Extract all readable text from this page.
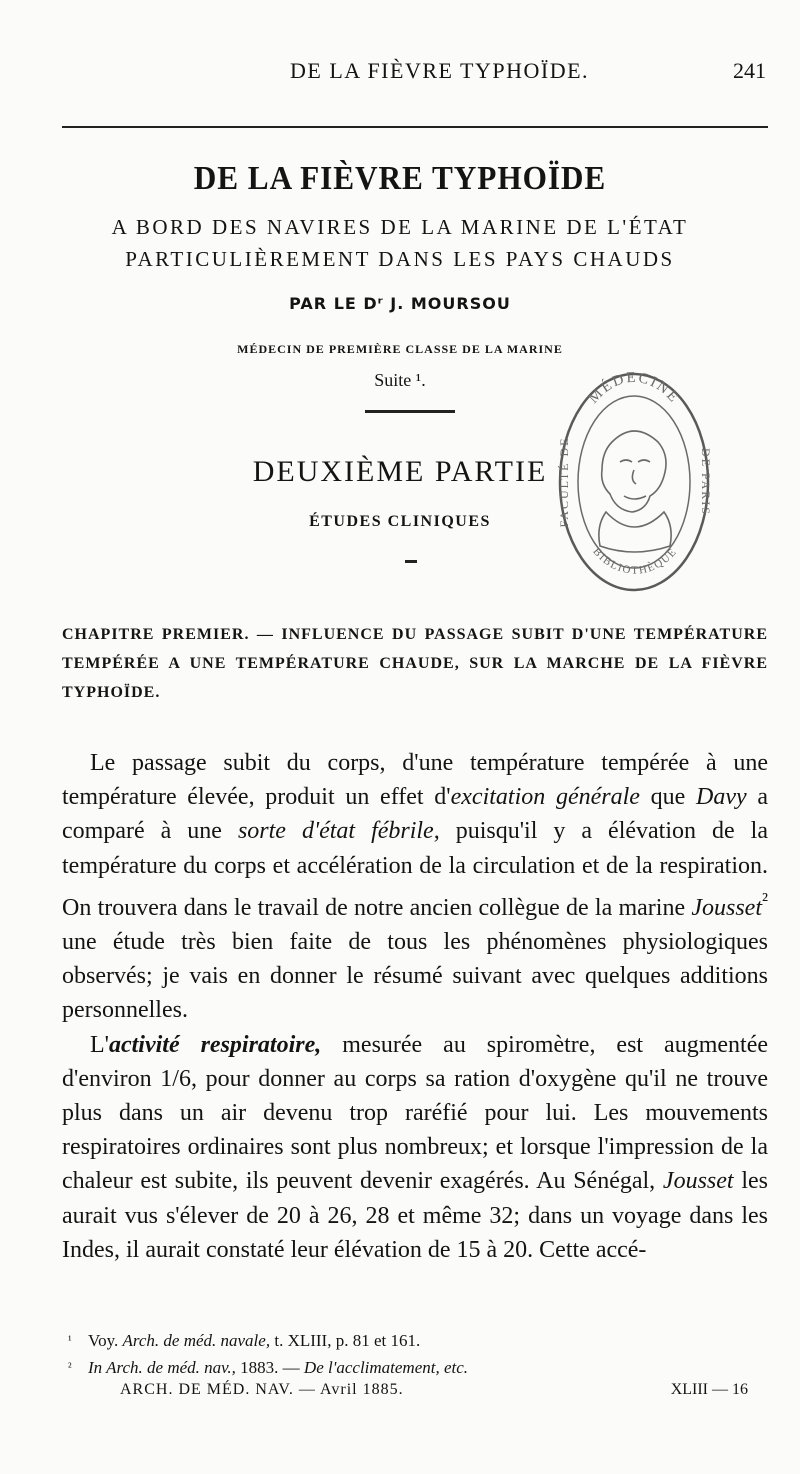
DE LA FIÈVRE TYPHOÏDE.	241
DE LA FIÈVRE TYPHOÏDE
A BORD DES NAVIRES DE LA MARINE DE L'ÉTAT
PARTICULIÈREMENT DANS LES PAYS CHAUDS
PAR LE Dʳ J. MOURSOU
MÉDECIN DE PREMIÈRE CLASSE DE LA MARINE
Suite ¹.
DEUXIÈME PARTIE
ÉTUDES CLINIQUES
MÉDECINE
BIBLIOTHÈQUE
FACULTÉ DE	DE PARIS
CHAPITRE PREMIER. — INFLUENCE DU PASSAGE SUBIT D'UNE TEMPÉRATURE TEMPÉRÉE A UNE TEMPÉRATURE CHAUDE, SUR LA MARCHE DE LA FIÈVRE TYPHOÏDE.

Le passage subit du corps, d'une température tempérée à une température élevée, produit un effet d'excitation générale que Davy a comparé à une sorte d'état fébrile, puisqu'il y a élévation de la température du corps et accélération de la circulation et de la respiration. On trouvera dans le travail de notre ancien collègue de la marine Jousset$^{^2}$ une étude très bien faite de tous les phénomènes physiologiques observés; je vais en donner le résumé suivant avec quelques additions personnelles.

L'activité respiratoire, mesurée au spiromètre, est augmentée d'environ 1/6, pour donner au corps sa ration d'oxygène qu'il ne trouve plus dans un air devenu trop raréfié pour lui. Les mouvements respiratoires ordinaires sont plus nombreux; et lorsque l'impression de la chaleur est subite, ils peuvent devenir exagérés. Au Sénégal, Jousset les aurait vus s'élever de 20 à 26, 28 et même 32; dans un voyage dans les Indes, il aurait constaté leur élévation de 15 à 20. Cette accé-

¹ Voy. Arch. de méd. navale, t. XLIII, p. 81 et 161.
² In Arch. de méd. nav., 1883. — De l'acclimatement, etc.
ARCH. DE MÉD. NAV. — Avril 1885.	XLIII — 16
